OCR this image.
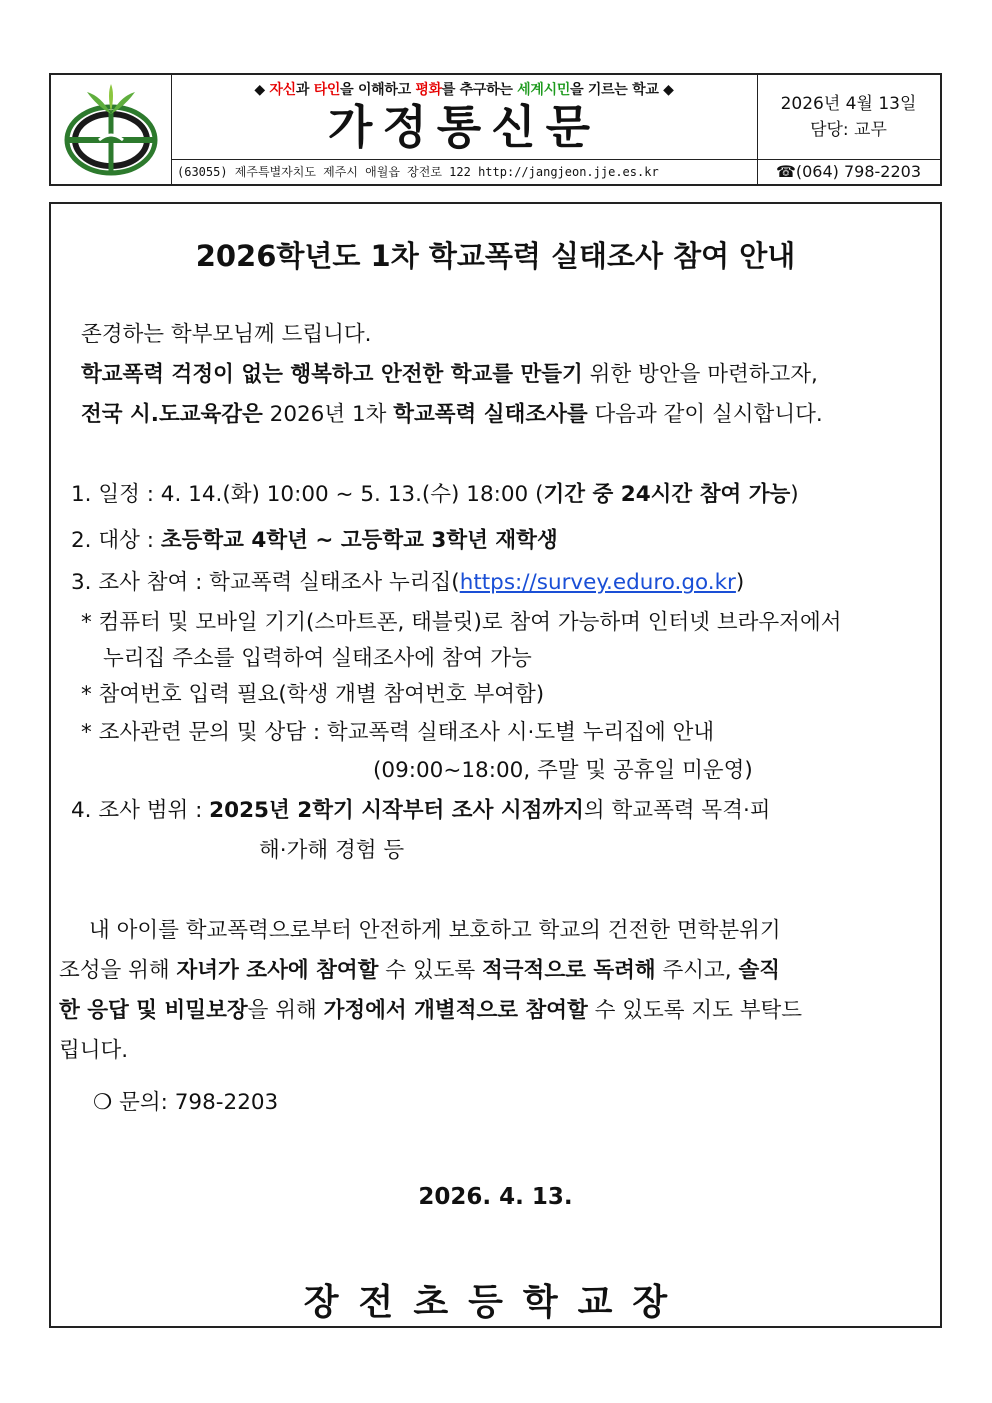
◆ 자신과 타인을 이해하고 평화를 추구하는 세계시민을 기르는 학교 ◆
가정통신문
(63055) 제주특별자치도 제주시 애월읍 장전로 122 http://jangjeon.jje.es.kr
2026년 4월 13일
담당: 교무
☎(064) 798-2203
2026학년도 1차 학교폭력 실태조사 참여 안내
존경하는 학부모님께 드립니다.
학교폭력 걱정이 없는 행복하고 안전한 학교를 만들기 위한 방안을 마련하고자,
전국 시.도교육감은 2026년 1차 학교폭력 실태조사를 다음과 같이 실시합니다.
1. 일정 : 4. 14.(화) 10:00 ~ 5. 13.(수) 18:00 (기간 중 24시간 참여 가능)
2. 대상 : 초등학교 4학년 ~ 고등학교 3학년 재학생
3. 조사 참여 : 학교폭력 실태조사 누리집(https://survey.eduro.go.kr)
* 컴퓨터 및 모바일 기기(스마트폰, 태블릿)로 참여 가능하며 인터넷 브라우저에서
누리집 주소를 입력하여 실태조사에 참여 가능
* 참여번호 입력 필요(학생 개별 참여번호 부여함)
* 조사관련 문의 및 상담 : 학교폭력 실태조사 시·도별 누리집에 안내
(09:00~18:00, 주말 및 공휴일 미운영)
4. 조사 범위 : 2025년 2학기 시작부터 조사 시점까지의 학교폭력 목격·피
해·가해 경험 등
내 아이를 학교폭력으로부터 안전하게 보호하고 학교의 건전한 면학분위기
조성을 위해 자녀가 조사에 참여할 수 있도록 적극적으로 독려해 주시고, 솔직
한 응답 및 비밀보장을 위해 가정에서 개별적으로 참여할 수 있도록 지도 부탁드
립니다.
❍ 문의: 798-2203
2026. 4. 13.
장전초등학교장
